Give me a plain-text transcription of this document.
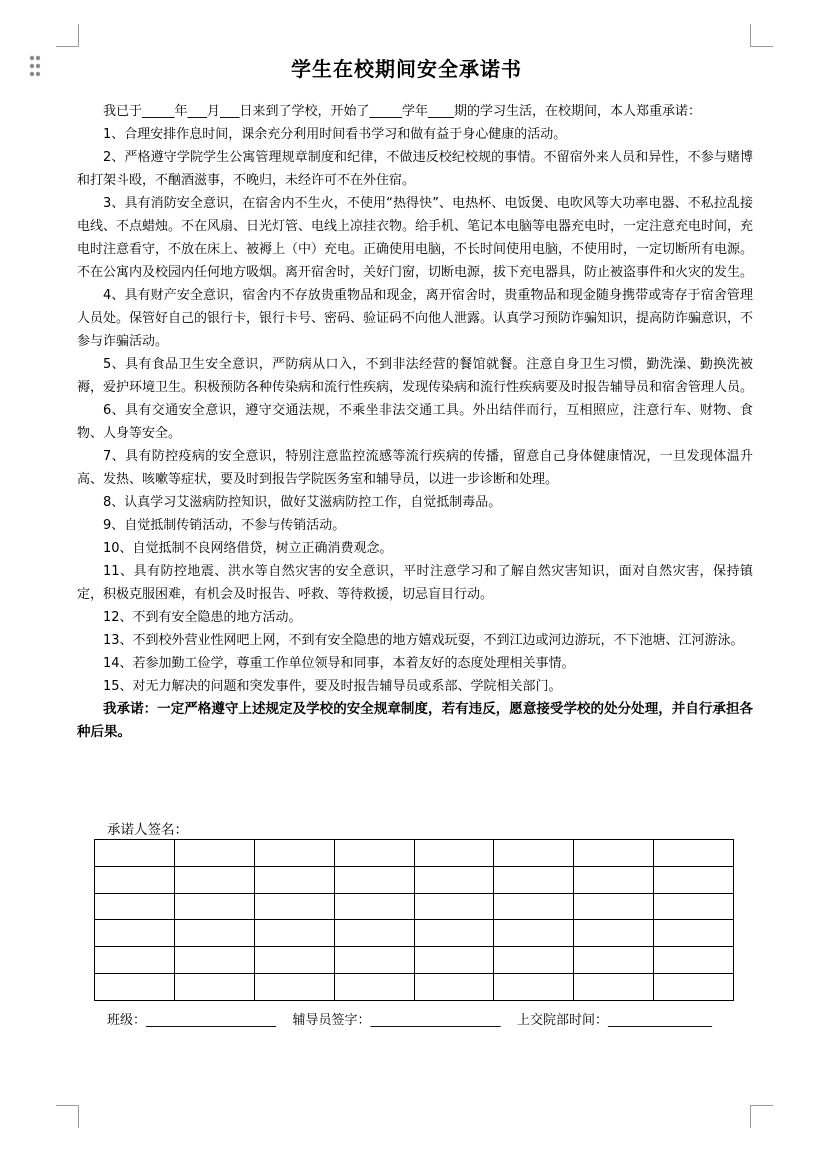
学生在校期间安全承诺书

我已于_____年___月___日来到了学校，开始了_____学年____期的学习生活，在校期间，本人郑重承诺：

1、合理安排作息时间，课余充分利用时间看书学习和做有益于身心健康的活动。

2、严格遵守学院学生公寓管理规章制度和纪律，不做违反校纪校规的事情。不留宿外来人员和异性，不参与赌博和打架斗殴，不酗酒滋事，不晚归，未经许可不在外住宿。

3、具有消防安全意识，在宿舍内不生火，不使用“热得快”、电热杯、电饭煲、电吹风等大功率电器、不私拉乱接电线、不点蜡烛。不在风扇、日光灯管、电线上凉挂衣物。给手机、笔记本电脑等电器充电时，一定注意充电时间，充电时注意看守，不放在床上、被褥上（中）充电。正确使用电脑，不长时间使用电脑，不使用时，一定切断所有电源。不在公寓内及校园内任何地方吸烟。离开宿舍时，关好门窗，切断电源，拔下充电器具，防止被盗事件和火灾的发生。

4、具有财产安全意识，宿舍内不存放贵重物品和现金，离开宿舍时，贵重物品和现金随身携带或寄存于宿舍管理人员处。保管好自己的银行卡，银行卡号、密码、验证码不向他人泄露。认真学习预防诈骗知识，提高防诈骗意识，不参与诈骗活动。

5、具有食品卫生安全意识，严防病从口入，不到非法经营的餐馆就餐。注意自身卫生习惯，勤洗澡、勤换洗被褥，爱护环境卫生。积极预防各种传染病和流行性疾病，发现传染病和流行性疾病要及时报告辅导员和宿舍管理人员。

6、具有交通安全意识，遵守交通法规，不乘坐非法交通工具。外出结伴而行，互相照应，注意行车、财物、食物、人身等安全。

7、具有防控疫病的安全意识，特别注意监控流感等流行疾病的传播，留意自己身体健康情况，一旦发现体温升高、发热、咳嗽等症状，要及时到报告学院医务室和辅导员，以进一步诊断和处理。

8、认真学习艾滋病防控知识，做好艾滋病防控工作，自觉抵制毒品。

9、自觉抵制传销活动，不参与传销活动。

10、自觉抵制不良网络借贷，树立正确消费观念。

11、具有防控地震、洪水等自然灾害的安全意识，平时注意学习和了解自然灾害知识，面对自然灾害，保持镇定，积极克服困难，有机会及时报告、呼救、等待救援，切忌盲目行动。

12、不到有安全隐患的地方活动。

13、不到校外营业性网吧上网，不到有安全隐患的地方嬉戏玩耍，不到江边或河边游玩，不下池塘、江河游泳。

14、若参加勤工俭学，尊重工作单位领导和同事，本着友好的态度处理相关事情。

15、对无力解决的问题和突发事件，要及时报告辅导员或系部、学院相关部门。

我承诺：一定严格遵守上述规定及学校的安全规章制度，若有违反，愿意接受学校的处分处理，并自行承担各种后果。

承诺人签名：

班级：____________________    辅导员签字：____________________    上交院部时间：________________
